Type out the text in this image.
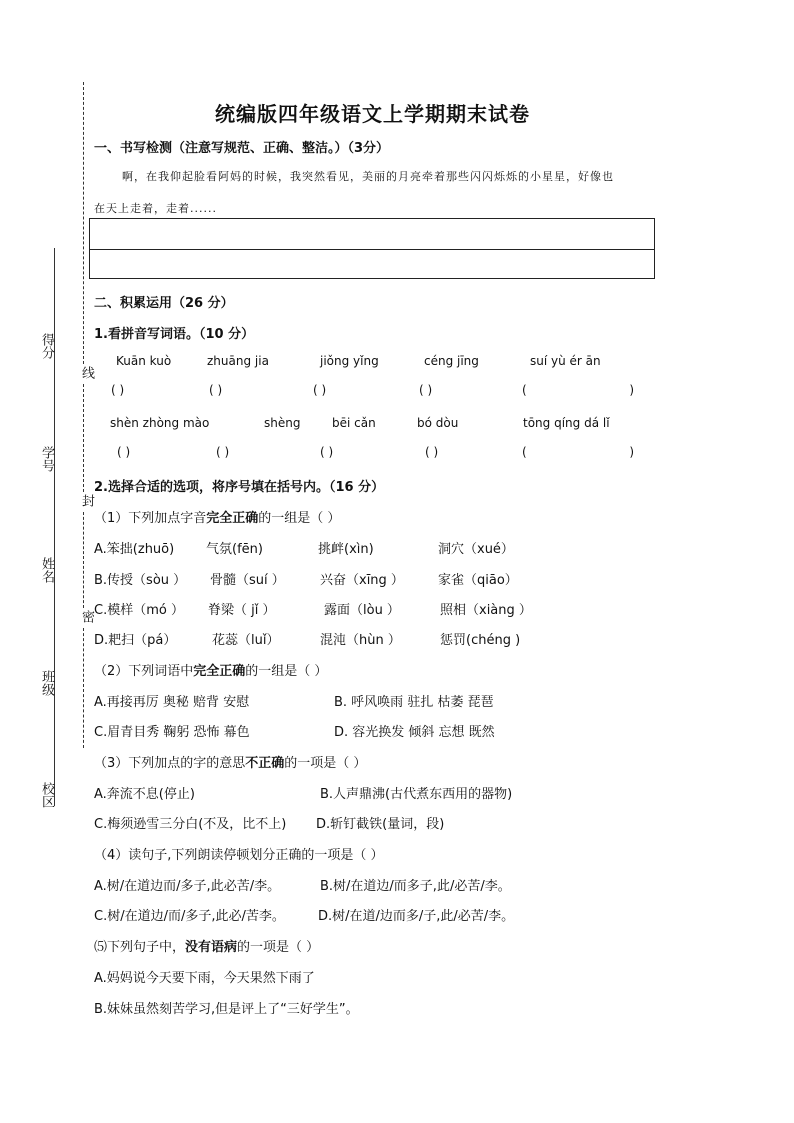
得分
学号
姓名
班级
校区
线
封
密
统编版四年级语文上学期期末试卷
一、书写检测（注意写规范、正确、整洁。）（3分）
啊，在我仰起脸看阿妈的时候，我突然看见，美丽的月亮牵着那些闪闪烁烁的小星星，好像也
在天上走着，走着......
二、积累运用（26 分）
1.看拼音写词语。（10 分）
Kuān kuò	zhuāng jia	jiǒng yǐng	céng jīng	suí yù ér ān
( )	( )	( )	( )	(	)
shèn zhòng mào	shèng	bēi cǎn	bó dòu	tōng qíng dá lǐ
( )	( )	( )	( )	(	)
2.选择合适的选项，将序号填在括号内。（16 分）
（1）下列加点字音完全正确的一组是（ ）
A.笨拙(zhuō) 气氛(fēn)	挑衅(xìn)	洞穴（xué）
B.传授（sòu ） 骨髓（suí ）	兴奋（xīng ）	家雀（qiāo）
C.模样（mó ） 脊梁（ jǐ ）	露面（lòu ）	照相（xiàng ）
D.耙扫（pá）	花蕊（luǐ）	混沌（hùn ）	惩罚(chéng )
（2）下列词语中完全正确的一组是（ ）
A.再接再厉 奥秘 赔背 安慰	B. 呼风唤雨 驻扎 枯萎 琵琶
C.眉青目秀 鞠躬 恐怖 幕色	D. 容光换发 倾斜 忘想 既然
（3）下列加点的字的意思不正确的一项是（ ）
A.奔流不息(停止)	B.人声鼎沸(古代煮东西用的器物)
C.梅须逊雪三分白(不及，比不上) D.斩钉截铁(量词，段)
（4）读句子,下列朗读停顿划分正确的一项是（ ）
A.树/在道边而/多子,此必苦/李。	B.树/在道边/而多子,此/必苦/李。
C.树/在道边/而/多子,此必/苦李。	D.树/在道/边而多/子,此/必苦/李。
⑸下列句子中，没有语病的一项是（ ）
A.妈妈说今天要下雨，今天果然下雨了
B.妹妹虽然刻苦学习,但是评上了“三好学生”。
